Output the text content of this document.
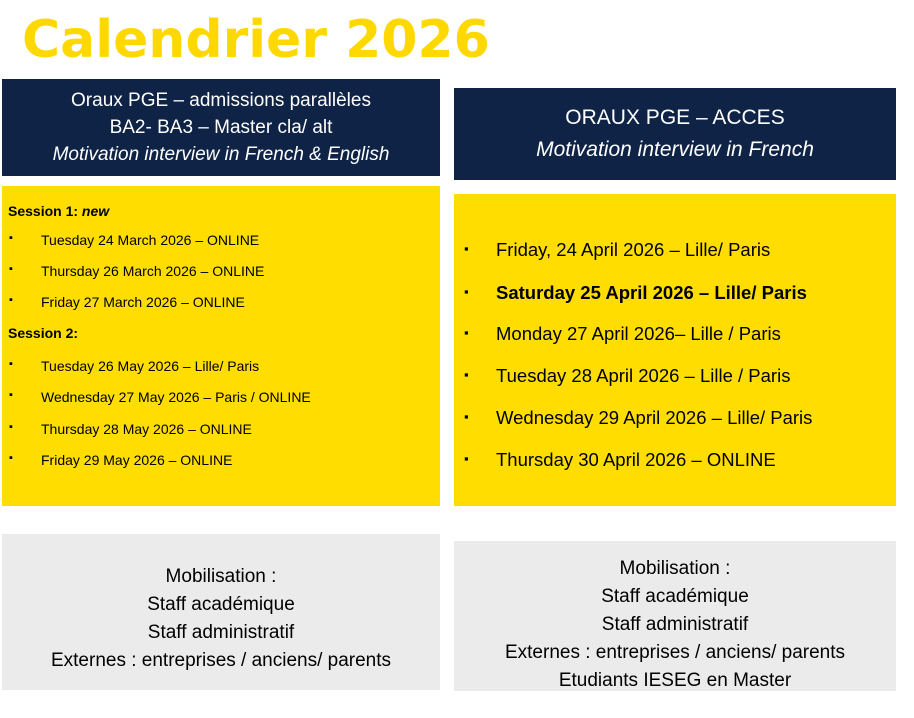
Calendrier 2026
Oraux PGE – admissions parallèles
BA2- BA3 – Master cla/ alt
Motivation interview in French & English
ORAUX PGE – ACCES
Motivation interview in French
Session 1: new
▪ Tuesday 24 March 2026 – ONLINE
▪ Thursday 26 March 2026 – ONLINE
▪ Friday 27 March 2026 – ONLINE
Session 2:
▪ Tuesday 26 May 2026 – Lille/ Paris
▪ Wednesday 27 May 2026 – Paris / ONLINE
▪ Thursday 28 May 2026 – ONLINE
▪ Friday 29 May 2026 – ONLINE
▪ Friday, 24 April 2026 – Lille/ Paris
▪ Saturday 25 April 2026 – Lille/ Paris
▪ Monday 27 April 2026– Lille / Paris
▪ Tuesday 28 April 2026 – Lille / Paris
▪ Wednesday 29 April 2026 – Lille/ Paris
▪ Thursday 30 April 2026 – ONLINE
Mobilisation :
Staff académique
Staff administratif
Externes : entreprises / anciens/ parents
Mobilisation :
Staff académique
Staff administratif
Externes : entreprises / anciens/ parents
Etudiants IESEG en Master
